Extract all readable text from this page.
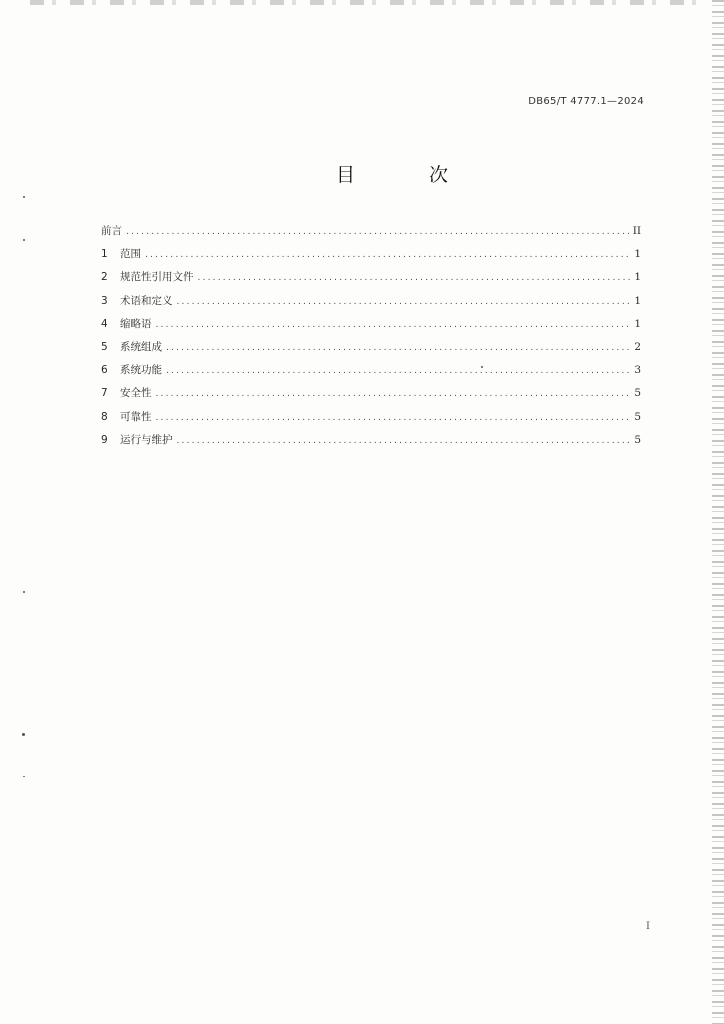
DB65/T 4777.1—2024
目 次
前言 .....	II
1	范围 .....	1
2	规范性引用文件 .....	1
3	术语和定义 .....	1
4	缩略语 .....	1
5	系统组成 .....	2
6	系统功能 .....	3
7	安全性 .....	5
8	可靠性 .....	5
9	运行与维护 .....	5
I
